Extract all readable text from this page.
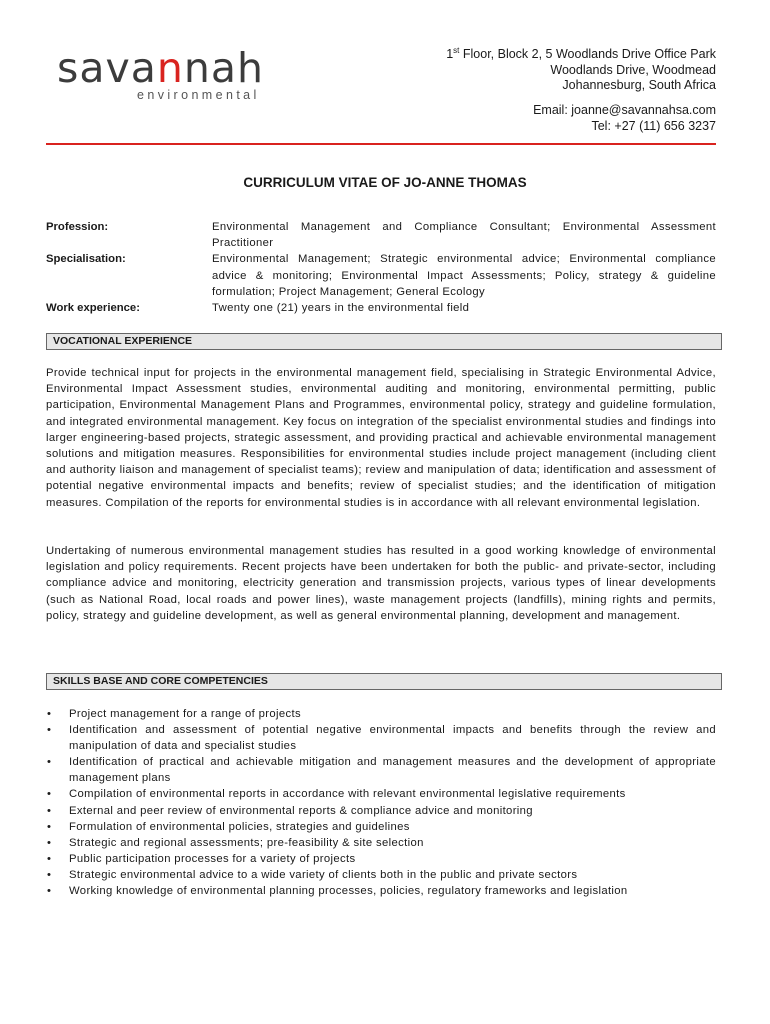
savannah
environmental
1st Floor, Block 2, 5 Woodlands Drive Office Park
Woodlands Drive, Woodmead
Johannesburg, South Africa
Email: joanne@savannahsa.com
Tel: +27 (11) 656 3237
CURRICULUM VITAE OF JO-ANNE THOMAS
Profession:	Environmental Management and Compliance Consultant; Environmental Assessment Practitioner
Specialisation:	Environmental Management; Strategic environmental advice; Environmental compliance advice & monitoring; Environmental Impact Assessments; Policy, strategy & guideline formulation; Project Management; General Ecology
Work experience:	Twenty one (21) years in the environmental field
VOCATIONAL EXPERIENCE

Provide technical input for projects in the environmental management field, specialising in Strategic Environmental Advice, Environmental Impact Assessment studies, environmental auditing and monitoring, environmental permitting, public participation, Environmental Management Plans and Programmes, environmental policy, strategy and guideline formulation, and integrated environmental management. Key focus on integration of the specialist environmental studies and findings into larger engineering-based projects, strategic assessment, and providing practical and achievable environmental management solutions and mitigation measures. Responsibilities for environmental studies include project management (including client and authority liaison and management of specialist teams); review and manipulation of data; identification and assessment of potential negative environmental impacts and benefits; review of specialist studies; and the identification of mitigation measures. Compilation of the reports for environmental studies is in accordance with all relevant environmental legislation.

Undertaking of numerous environmental management studies has resulted in a good working knowledge of environmental legislation and policy requirements. Recent projects have been undertaken for both the public- and private-sector, including compliance advice and monitoring, electricity generation and transmission projects, various types of linear developments (such as National Road, local roads and power lines), waste management projects (landfills), mining rights and permits, policy, strategy and guideline development, as well as general environmental planning, development and management.

SKILLS BASE AND CORE COMPETENCIES
•	Project management for a range of projects
•	Identification and assessment of potential negative environmental impacts and benefits through the review and manipulation of data and specialist studies
•	Identification of practical and achievable mitigation and management measures and the development of appropriate management plans
•	Compilation of environmental reports in accordance with relevant environmental legislative requirements
•	External and peer review of environmental reports & compliance advice and monitoring
•	Formulation of environmental policies, strategies and guidelines
•	Strategic and regional assessments; pre-feasibility & site selection
•	Public participation processes for a variety of projects
•	Strategic environmental advice to a wide variety of clients both in the public and private sectors
•	Working knowledge of environmental planning processes, policies, regulatory frameworks and legislation
